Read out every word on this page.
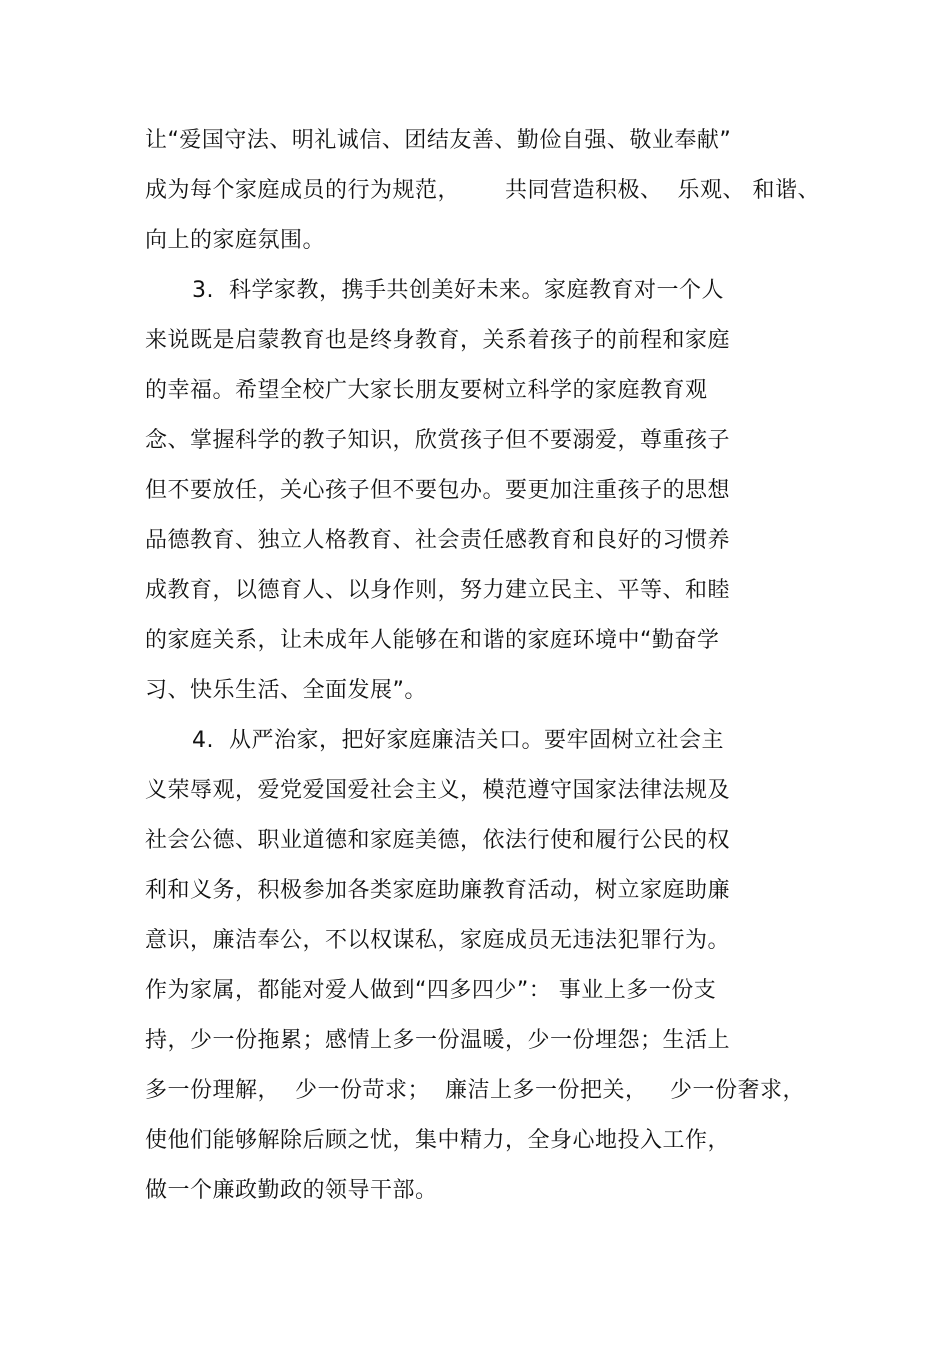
让“爱国守法、明礼诚信、团结友善、勤俭自强、敬业奉献”
成为每个家庭成员的行为规范，      共同营造积极、  乐观、 和谐、
向上的家庭氛围。
3.  科学家教，携手共创美好未来。家庭教育对一个人
来说既是启蒙教育也是终身教育，关系着孩子的前程和家庭
的幸福。希望全校广大家长朋友要树立科学的家庭教育观
念、掌握科学的教子知识，欣赏孩子但不要溺爱，尊重孩子
但不要放任，关心孩子但不要包办。要更加注重孩子的思想
品德教育、独立人格教育、社会责任感教育和良好的习惯养
成教育，以德育人、以身作则，努力建立民主、平等、和睦
的家庭关系，让未成年人能够在和谐的家庭环境中“勤奋学
习、快乐生活、全面发展”。
4.  从严治家，把好家庭廉洁关口。要牢固树立社会主
义荣辱观，爱党爱国爱社会主义，模范遵守国家法律法规及
社会公德、职业道德和家庭美德，依法行使和履行公民的权
利和义务，积极参加各类家庭助廉教育活动，树立家庭助廉
意识，廉洁奉公，不以权谋私，家庭成员无违法犯罪行为。
作为家属，都能对爱人做到“四多四少”： 事业上多一份支
持，少一份拖累；感情上多一份温暖，少一份埋怨；生活上
多一份理解，  少一份苛求；  廉洁上多一份把关，   少一份奢求，
使他们能够解除后顾之忧，集中精力，全身心地投入工作，
做一个廉政勤政的领导干部。
